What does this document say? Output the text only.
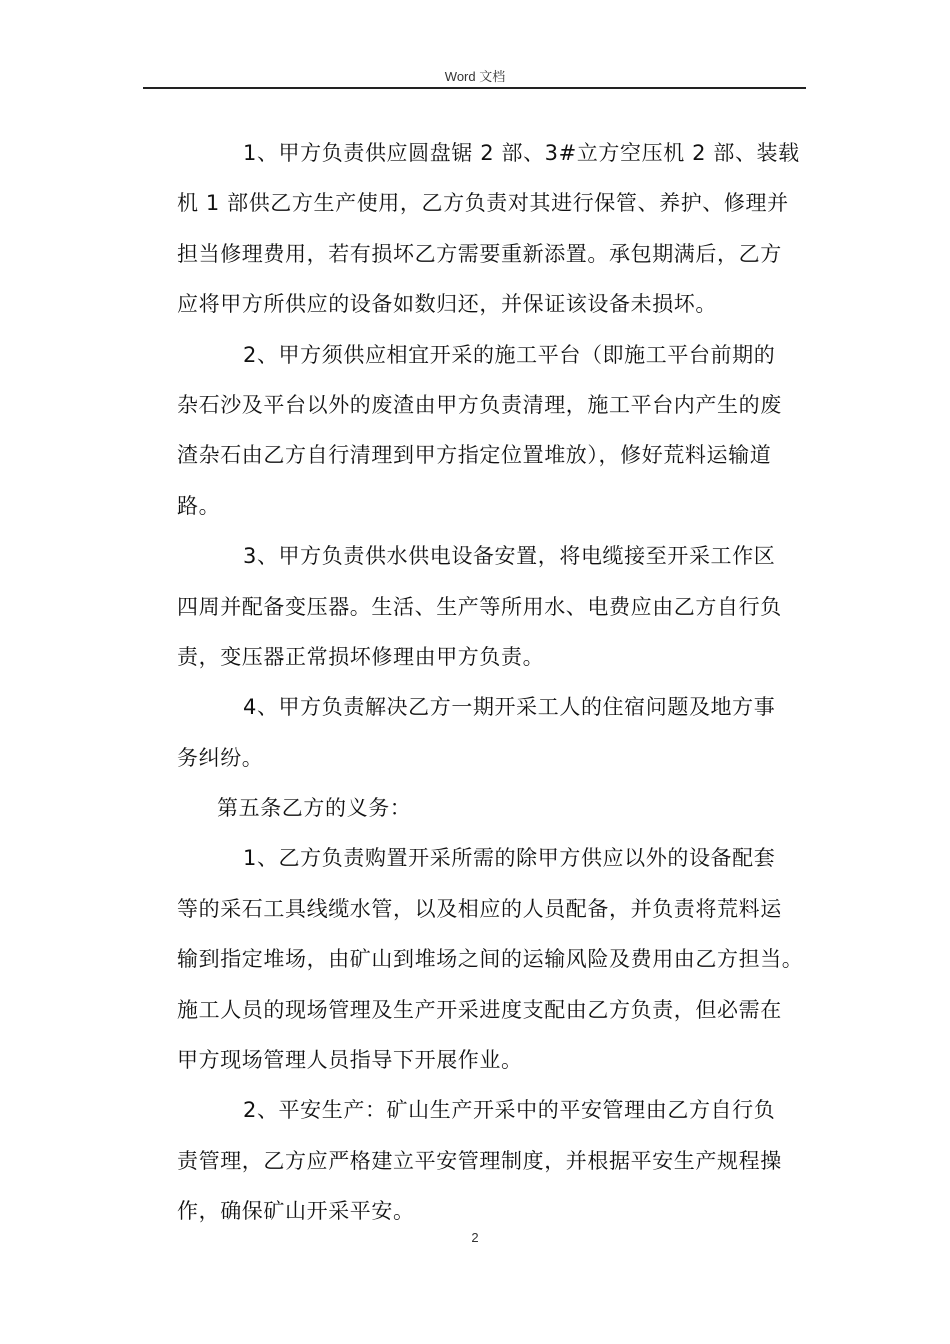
Word 文档
1、甲方负责供应圆盘锯 2 部、3#立方空压机 2 部、装载
机 1 部供乙方生产使用，乙方负责对其进行保管、养护、修理并
担当修理费用，若有损坏乙方需要重新添置。承包期满后，乙方
应将甲方所供应的设备如数归还，并保证该设备未损坏。
2、甲方须供应相宜开采的施工平台（即施工平台前期的
杂石沙及平台以外的废渣由甲方负责清理，施工平台内产生的废
渣杂石由乙方自行清理到甲方指定位置堆放），修好荒料运输道
路。
3、甲方负责供水供电设备安置，将电缆接至开采工作区
四周并配备变压器。生活、生产等所用水、电费应由乙方自行负
责，变压器正常损坏修理由甲方负责。
4、甲方负责解决乙方一期开采工人的住宿问题及地方事
务纠纷。
第五条乙方的义务：
1、乙方负责购置开采所需的除甲方供应以外的设备配套
等的采石工具线缆水管，以及相应的人员配备，并负责将荒料运
输到指定堆场，由矿山到堆场之间的运输风险及费用由乙方担当。
施工人员的现场管理及生产开采进度支配由乙方负责，但必需在
甲方现场管理人员指导下开展作业。
2、平安生产：矿山生产开采中的平安管理由乙方自行负
责管理，乙方应严格建立平安管理制度，并根据平安生产规程操
作，确保矿山开采平安。
2
